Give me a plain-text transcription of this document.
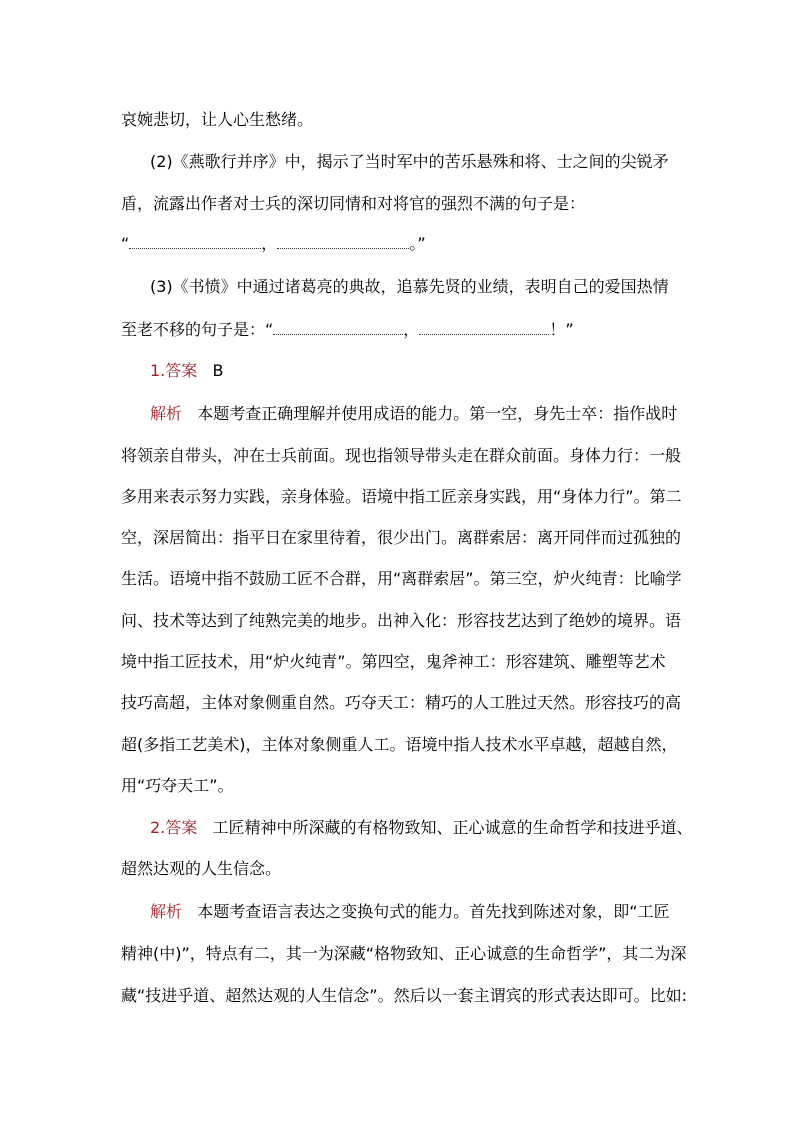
哀婉悲切，让人心生愁绪。
(2)《燕歌行并序》中，揭示了当时军中的苦乐悬殊和将、士之间的尖锐矛
盾，流露出作者对士兵的深切同情和对将官的强烈不满的句子是：
“	，	。”
(3)《书愤》中通过诸葛亮的典故，追慕先贤的业绩，表明自己的爱国热情
至老不移的句子是：“	，	！”
1.答案 B
解析 本题考查正确理解并使用成语的能力。第一空，身先士卒：指作战时
将领亲自带头，冲在士兵前面。现也指领导带头走在群众前面。身体力行：一般
多用来表示努力实践，亲身体验。语境中指工匠亲身实践，用“身体力行”。第二
空，深居简出：指平日在家里待着，很少出门。离群索居：离开同伴而过孤独的
生活。语境中指不鼓励工匠不合群，用“离群索居”。第三空，炉火纯青：比喻学
问、技术等达到了纯熟完美的地步。出神入化：形容技艺达到了绝妙的境界。语
境中指工匠技术，用“炉火纯青”。第四空，鬼斧神工：形容建筑、雕塑等艺术
技巧高超，主体对象侧重自然。巧夺天工：精巧的人工胜过天然。形容技巧的高
超(多指工艺美术)，主体对象侧重人工。语境中指人技术水平卓越，超越自然，
用“巧夺天工”。
2.答案 工匠精神中所深藏的有格物致知、正心诚意的生命哲学和技进乎道、
超然达观的人生信念。
解析 本题考查语言表达之变换句式的能力。首先找到陈述对象，即“工匠
精神(中)”，特点有二，其一为深藏“格物致知、正心诚意的生命哲学”，其二为深
藏“技进乎道、超然达观的人生信念”。然后以一套主谓宾的形式表达即可。比如:
